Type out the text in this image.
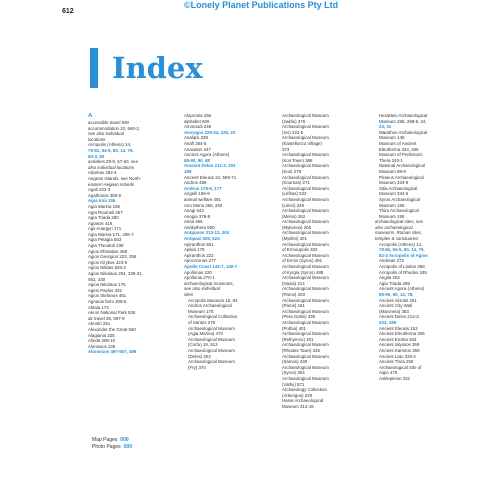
612
©Lonely Planet Publications Pty Ltd
Index
A
accessible travel 590
accommodation 22, 560-2,
see also individual
locations
Acropolis (Athens) 14,
79-81, 94-5, 80, 14, 79,
82-3, 94
activities 29-9, 57-60, see
also individual locations
Adamas 262-4
Aegean Islands, see North-
eastern Aegean Islands
Agali 232-3
Agathonisi 358-9
Agia Irini 155
Agia Marina 185
Agia Roumeli 267
Agia Triada 280
Agiasos 416
Agii Anargyri 171
Agia Marina 171, 406-7
Agia Pelagia 553
Agia Theodoti 238
Agios Efstratios 468
Agios Georgios 223, 256
Agios Kirykos 423-5
Agios Nikitas 533-2
Agios Nikolaos 254, 329-31,
561, 330
Agios Nikolaos 175
Agios Pavlos 332
Agios Stefanos 461
Agnacia farm 305-6
Aktaia 173
Akros National Park 526
air travel 36, 597-9
Akrotiri 251
Alexander the Great 560
Alagiania 225
Alinda 409-10
Alonissos 225
Alonnisos 497-507, 498
Alopronia 256
alphabet 606
Ammoudi 248
Amorgos 229-34, 228, 23
Analipsi 339
Anafi 254-5
Anavatos 447
Ancient Agora (Athens)
85-90, 90, 88
Ancient Delos 212-3, 203
189
Ancient Eleusis 24, 569-71
Andros 459
Andros 175-9, 177
Angelli 159-9
animal welfare 491
Ano Meria 255, 262
Anogi 543
Anogia 378-9
Antia 466
Antikythera 550
Antiparos 210-12, 204
Antipaxi 525, 524
Apiranthos 551
Apikia 179
Apiranthos 222
Apocoronas 277
Apollo Coast 143-7, 140-7
Apollonas 220
Apollonia 270-1
archaeological museums,
see also individual
sites
Acropolis Museum 15, 84
Andros Archaeological
Museum 175
Archaeological Collection
of Santos 275
Archaeological Museum
(Agia Marina) 470
Archaeological Museum
(Corfu) 19, 513
Archaeological Museum
(Delos) 203
Archaeological Museum
(Fry) 370
Archaeological Museum
(Iraklio) 376
Archaeological Museum
(Ios) 223-5
Archaeological Museum
(Kastellorizo Village)
373
Archaeological Museum
(Kos Town) 388
Archaeological Museum
(Kos) 279
Archaeological Museum
(Kournas) 271
Archaeological Museum
(Lefkas) 533
Archaeological Museum
(Limni) 349
Archaeological Museum
(Melos) 262
Archaeological Museum
(Mykonos) 206
Archaeological Museum
(Mytilini) 301
Archaeological Museum
of Ermoupolis 332
Archaeological Museum
of Ermis (Syros) 491
Archaeological Museum
of Kyrgia (Syros) 489
Archaeological Museum
(Naxia) 214
Archaeological Museum
(Paros) 203
Archaeological Museum
(Paros) 161
Archaeological Museum
(Pera Galini) 335
Archaeological Museum
(Pothia) 401
Archaeological Museum
(Rethymno) 301
Archaeological Museum
(Rhodes Town) 345
Archaeological Museum
(Samos) 430
Archaeological Museum
(Syros) 304
Archaeological Museum
(Vathy) 571
Archaeology Collection
(Arkengos) 228
Hania Archaeological
Museum 314-15
Herakleio Archaeological
Museum 295, 298-9, 24,
23, 31
Marathon Archaeological
Museum 146
Museum of Ancient
Eleutherna 334, 336
Museum of Prehistoric
Thera 240-1
National Archaeological
Museum 98-9
Piraeus Archaeological
Museum 334-5
Sitia Archaeological
Museum 334-5
Syros Archaeological
Museum 185
Thira Archaeological
Museum 195
archaeological sites, see
also archaeological
museums, Roman sites,
temples & sanctuaries
Acropolis (Athens) 14,
79-81, 94-5, 80, 14, 79,
82-3 Acropolis of Agios
Andreas 272
Acropolis of Lindos 358
Acropolis of Rhodes 345
Aegila 203
Agia Triada 299
Ancient Agora (Athens)
85-90, 90, 14, 78,
Ancient Akrotiri 251
Ancient City Wall
(Maroneia) 383
Ancient Delos 212-3,
203, 189
Ancient Eleusis 153
Ancient Eleutherna 336
Ancient Eretria 463
Ancient Ialyssos 359
Ancient Kamiros 359
Ancient Lato 333-4
Ancient Thira 250
Archaeological Site of
Aigio 475
Asklepieion 332
Map Pages 000
Photo Pages 000
